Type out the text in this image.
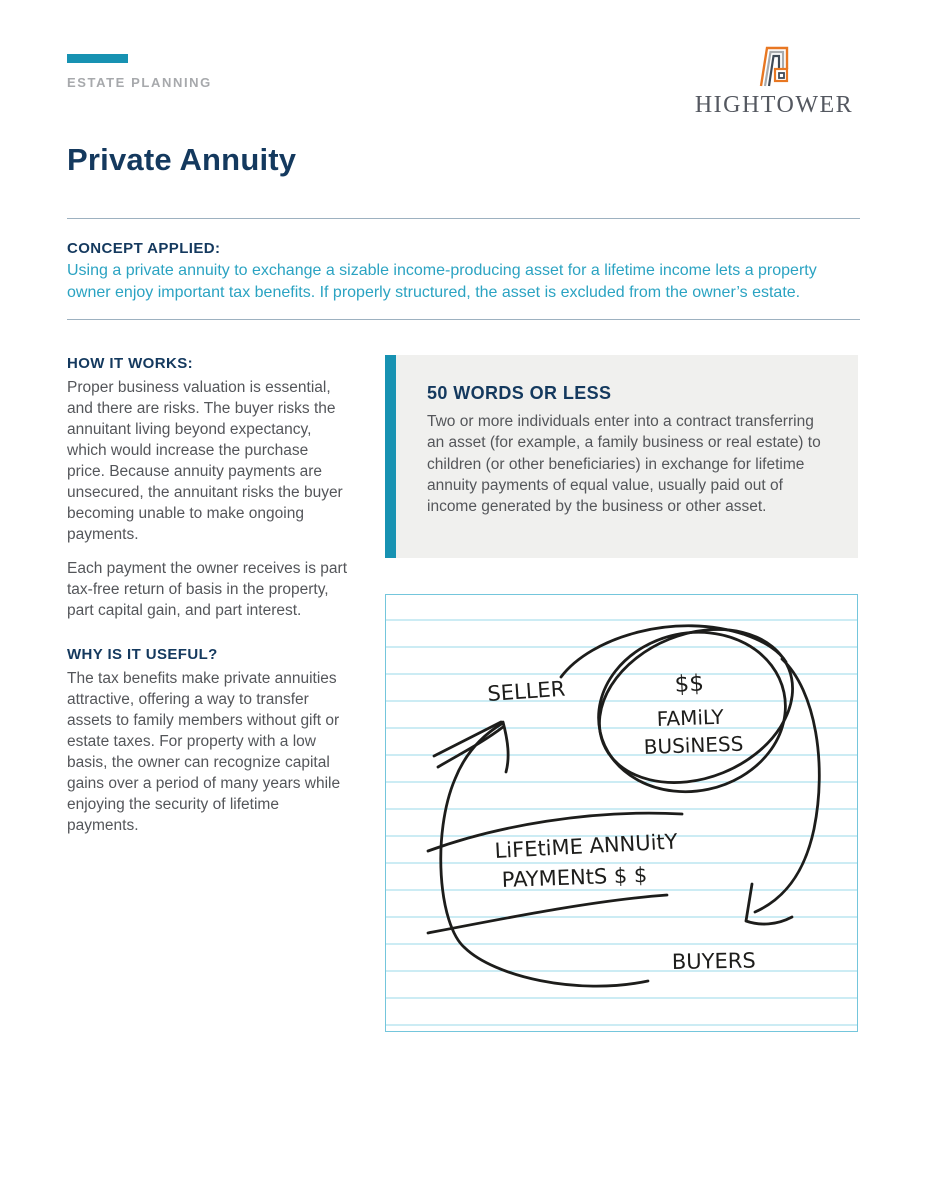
ESTATE PLANNING
HIGHTOWER
Private Annuity
CONCEPT APPLIED:
Using a private annuity to exchange a sizable income-producing asset for a lifetime income lets a property owner enjoy important tax benefits. If properly structured, the asset is excluded from the owner’s estate.
HOW IT WORKS:

Proper business valuation is essential, and there are risks. The buyer risks the annuitant living beyond expectancy, which would increase the purchase price. Because annuity payments are unsecured, the annuitant risks the buyer becoming unable to make ongoing payments.

Each payment the owner receives is part tax-free return of basis in the property, part capital gain, and part interest.

WHY IS IT USEFUL?

The tax benefits make private annuities attractive, offering a way to transfer assets to family members without gift or estate taxes. For property with a low basis, the owner can recognize capital gains over a period of many years while enjoying the security of lifetime payments.

50 WORDS OR LESS
Two or more individuals enter into a contract transferring an asset (for example, a family business or real estate) to children (or other beneficiaries) in exchange for lifetime annuity payments of equal value, usually paid out of income generated by the business or other asset.
SELLER	$$
FAMiLY
BUSiNESS
LiFEtiME ANNUitY
PAYMENtS $ $
BUYERS
